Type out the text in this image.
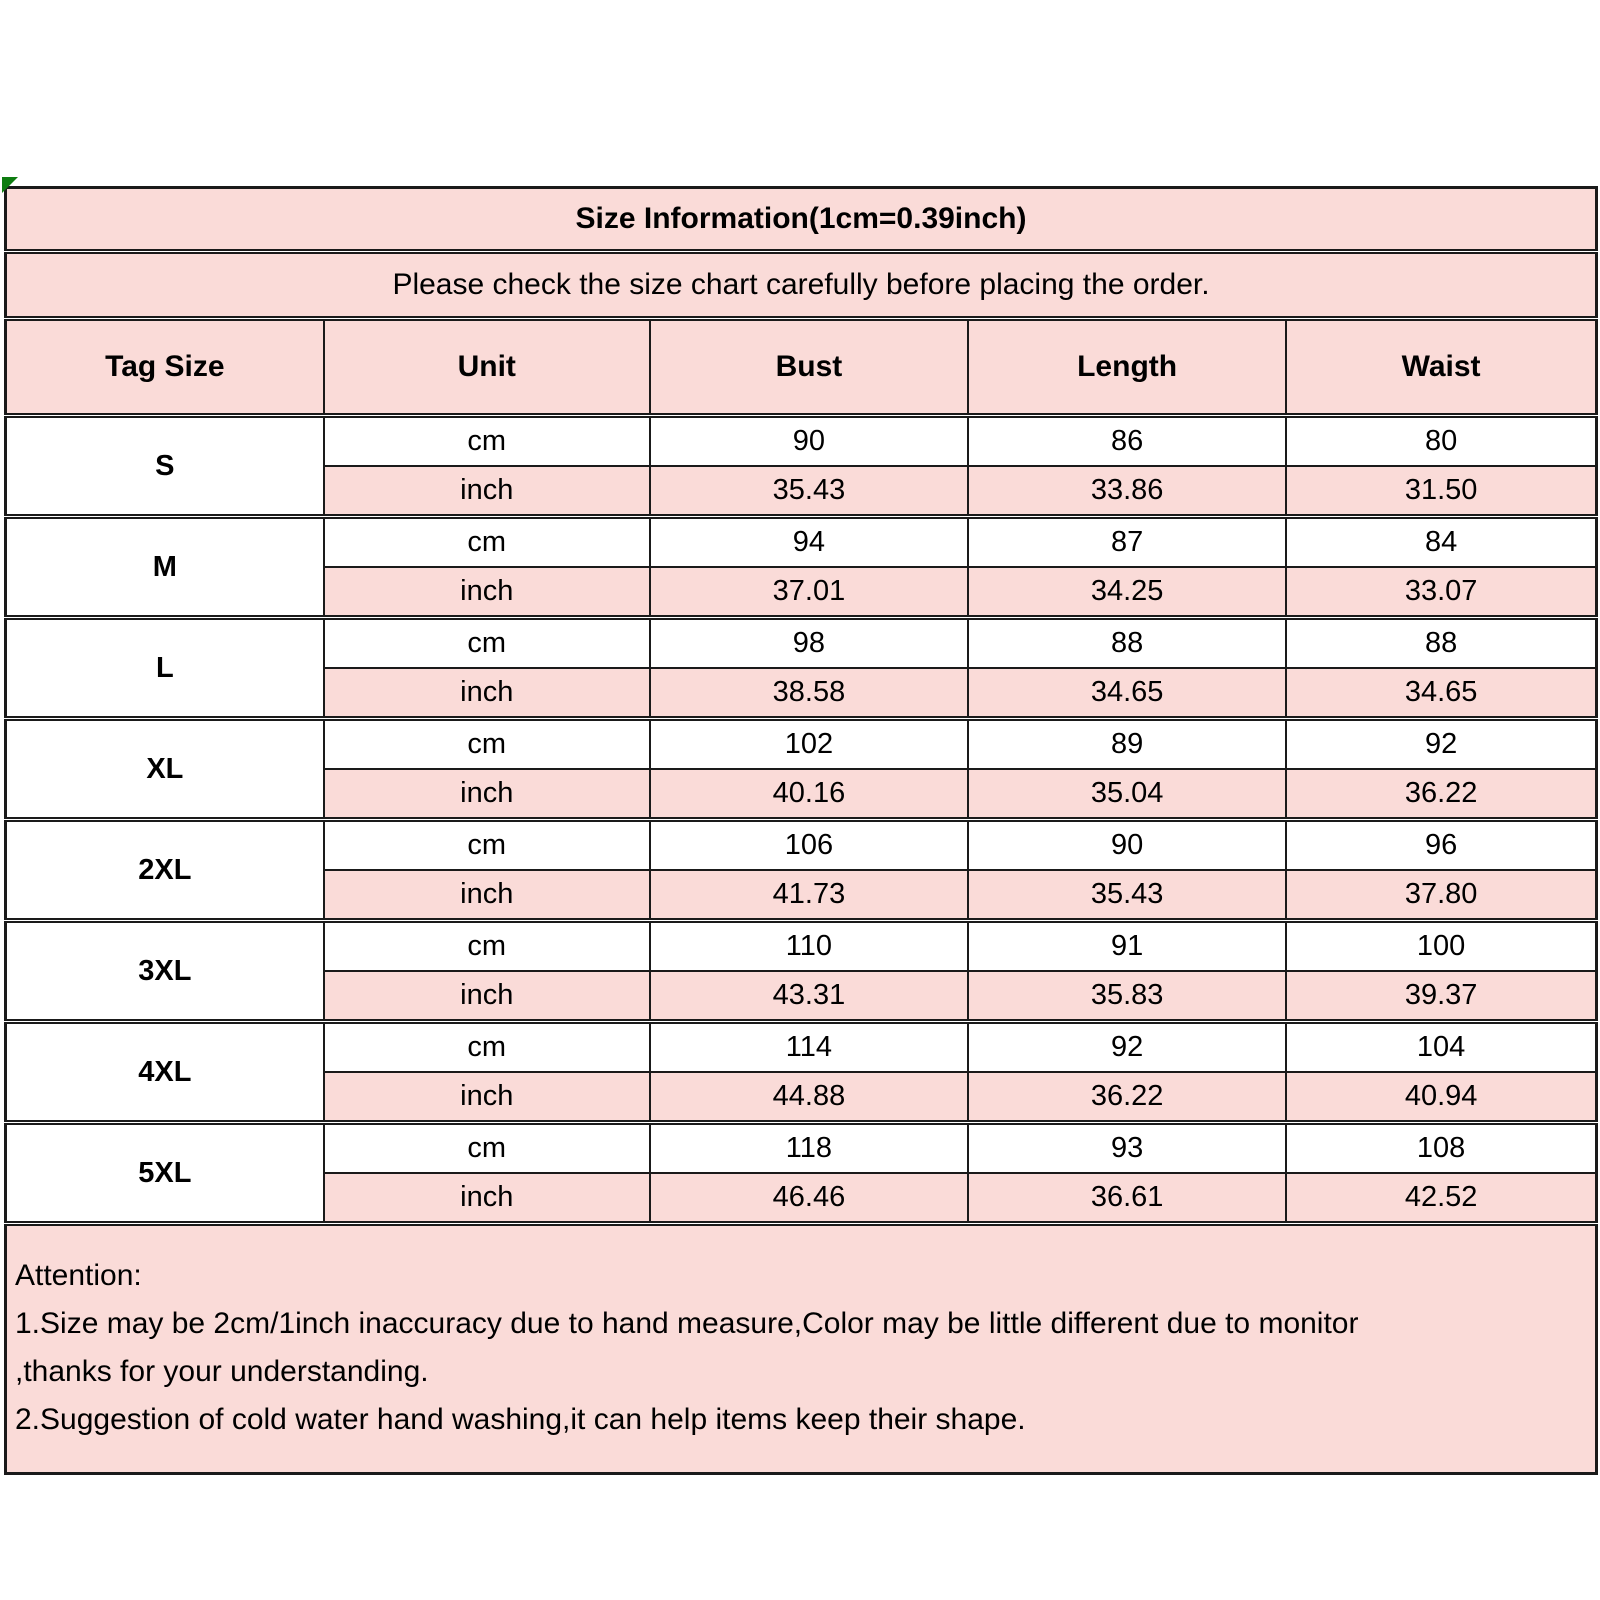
Size Information(1cm=0.39inch)				
Please check the size chart carefully before placing the order.				
Tag Size	Unit	Bust	Length	Waist
S	cm	90	86	80
	inch	35.43	33.86	31.50
M	cm	94	87	84
	inch	37.01	34.25	33.07
L	cm	98	88	88
	inch	38.58	34.65	34.65
XL	cm	102	89	92
	inch	40.16	35.04	36.22
2XL	cm	106	90	96
	inch	41.73	35.43	37.80
3XL	cm	110	91	100
	inch	43.31	35.83	39.37
4XL	cm	114	92	104
	inch	44.88	36.22	40.94
5XL	cm	118	93	108
	inch	46.46	36.61	42.52

Attention:
1.Size may be 2cm/1inch inaccuracy due to hand measure,Color may be little different due to monitor
,thanks for your understanding.
2.Suggestion of cold water hand washing,it can help items keep their shape.				
